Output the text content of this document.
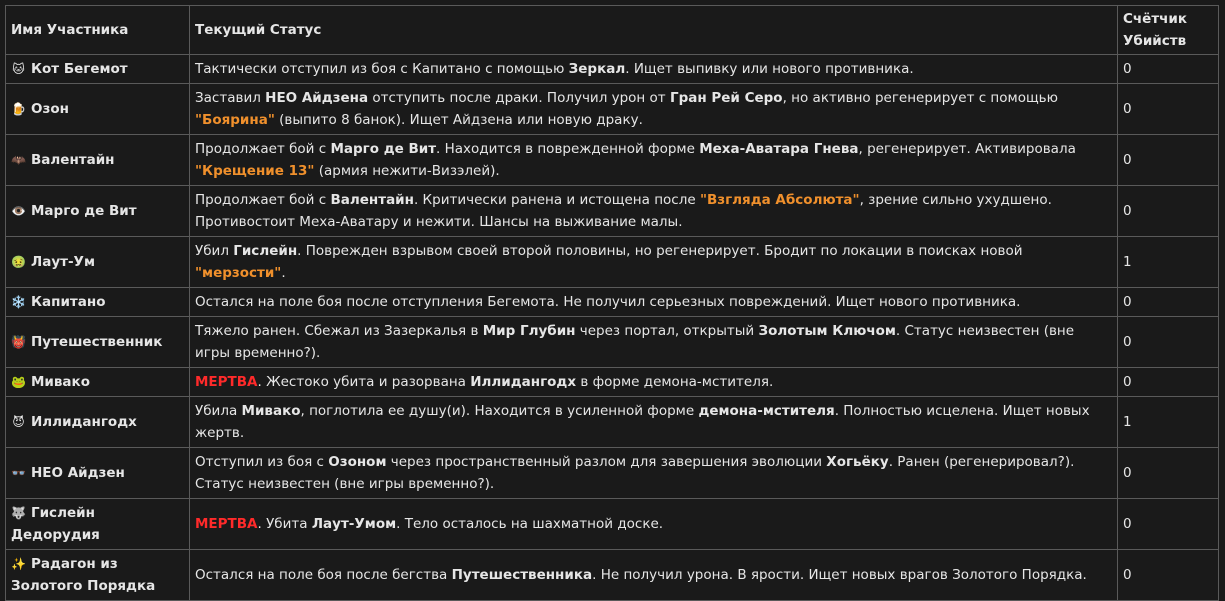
Имя Участника	Текущий Статус	Счётчик Убийств
🐱 Кот Бегемот	Тактически отступил из боя с Капитано с помощью Зеркал. Ищет выпивку или нового противника.	0
🍺 Озон	Заставил НЕО Айдзена отступить после драки. Получил урон от Гран Рей Серо, но активно регенерирует с помощью "Боярина" (выпито 8 банок). Ищет Айдзена или новую драку.	0
🦇 Валентайн	Продолжает бой с Марго де Вит. Находится в поврежденной форме Меха-Аватара Гнева, регенерирует. Активировала "Крещение 13" (армия нежити-Визэлей).	0
👁️ Марго де Вит	Продолжает бой с Валентайн. Критически ранена и истощена после "Взгляда Абсолюта", зрение сильно ухудшено. Противостоит Меха-Аватару и нежити. Шансы на выживание малы.	0
🤢 Лаут-Ум	Убил Гислейн. Поврежден взрывом своей второй половины, но регенерирует. Бродит по локации в поисках новой "мерзости".	1
❄️ Капитано	Остался на поле боя после отступления Бегемота. Не получил серьезных повреждений. Ищет нового противника.	0
👹 Путешественник	Тяжело ранен. Сбежал из Зазеркалья в Мир Глубин через портал, открытый Золотым Ключом. Статус неизвестен (вне игры временно?).	0
🐸 Мивако	МЕРТВА. Жестоко убита и разорвана Иллидангодх в форме демона-мстителя.	0
😈 Иллидангодх	Убила Мивако, поглотила ее душу(и). Находится в усиленной форме демона-мстителя. Полностью исцелена. Ищет новых жертв.	1
👓 НЕО Айдзен	Отступил из боя с Озоном через пространственный разлом для завершения эволюции Хогьёку. Ранен (регенерировал?). Статус неизвестен (вне игры временно?).	0
🐺 Гислейн Дедорудия	МЕРТВА. Убита Лаут-Умом. Тело осталось на шахматной доске.	0
✨ Радагон из Золотого Порядка	Остался на поле боя после бегства Путешественника. Не получил урона. В ярости. Ищет новых врагов Золотого Порядка.	0
